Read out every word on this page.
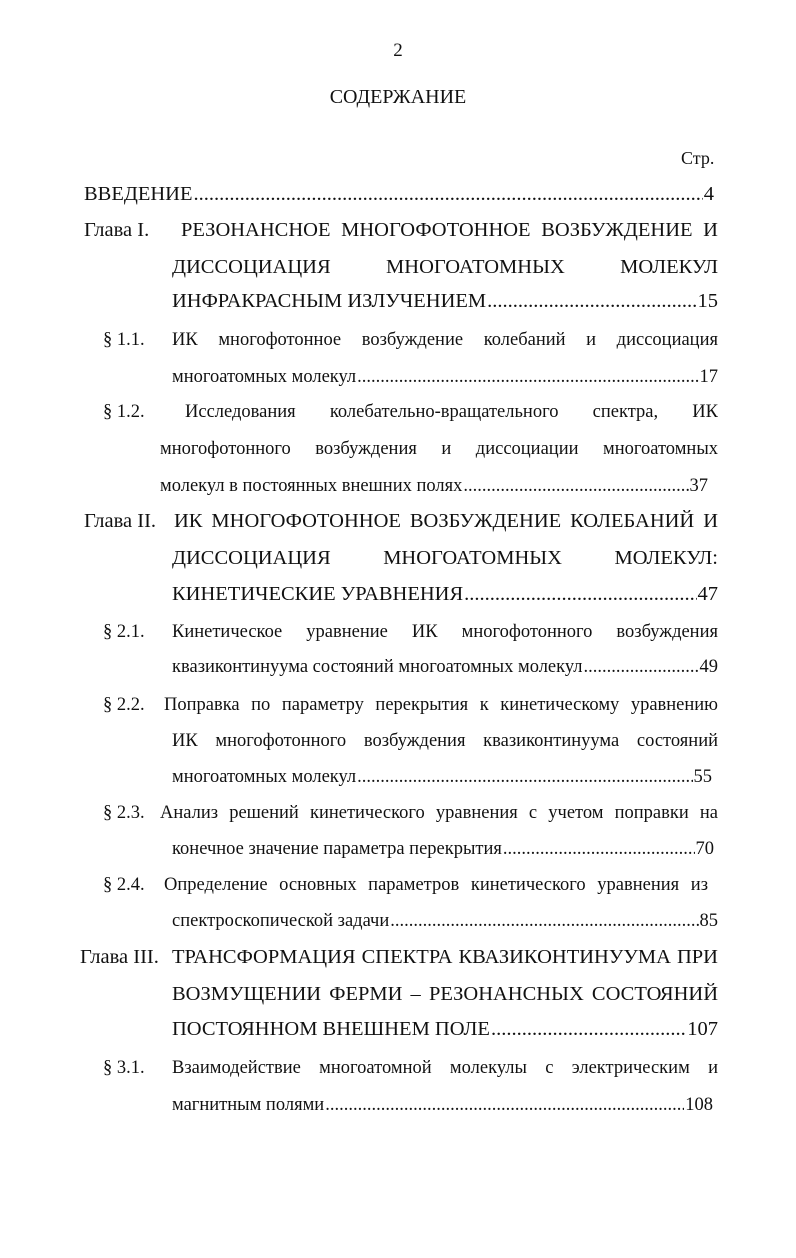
2
СОДЕРЖАНИЕ
Стр.
ВВЕДЕНИЕ .....	4
Глава I. РЕЗОНАНСНОЕ МНОГОФОТОННОЕ ВОЗБУЖДЕНИЕ И
ДИССОЦИАЦИЯ МНОГОАТОМНЫХ МОЛЕКУЛ
ИНФРАКРАСНЫМ ИЗЛУЧЕНИЕМ .....	15
§ 1.1. ИК многофотонное возбуждение колебаний и диссоциация
многоатомных молекул .....	17
§ 1.2. Исследования колебательно-вращательного спектра, ИК
многофотонного возбуждения и диссоциации многоатомных
молекул в постоянных внешних полях .....	37
Глава II. ИК МНОГОФОТОННОЕ ВОЗБУЖДЕНИЕ КОЛЕБАНИЙ И
ДИССОЦИАЦИЯ МНОГОАТОМНЫХ МОЛЕКУЛ:
КИНЕТИЧЕСКИЕ УРАВНЕНИЯ .....	47
§ 2.1. Кинетическое уравнение ИК многофотонного возбуждения
квазиконтинуума состояний многоатомных молекул .....	49
§ 2.2. Поправка по параметру перекрытия к кинетическому уравнению
ИК многофотонного возбуждения квазиконтинуума состояний
многоатомных молекул .....	55
§ 2.3. Анализ решений кинетического уравнения с учетом поправки на
конечное значение параметра перекрытия .....	70
§ 2.4. Определение основных параметров кинетического уравнения из
спектроскопической задачи .....	85
Глава III. ТРАНСФОРМАЦИЯ СПЕКТРА КВАЗИКОНТИНУУМА ПРИ
ВОЗМУЩЕНИИ ФЕРМИ – РЕЗОНАНСНЫХ СОСТОЯНИЙ
ПОСТОЯННОМ ВНЕШНЕМ ПОЛЕ .....	107
§ 3.1. Взаимодействие многоатомной молекулы с электрическим и
магнитным полями .....	108
